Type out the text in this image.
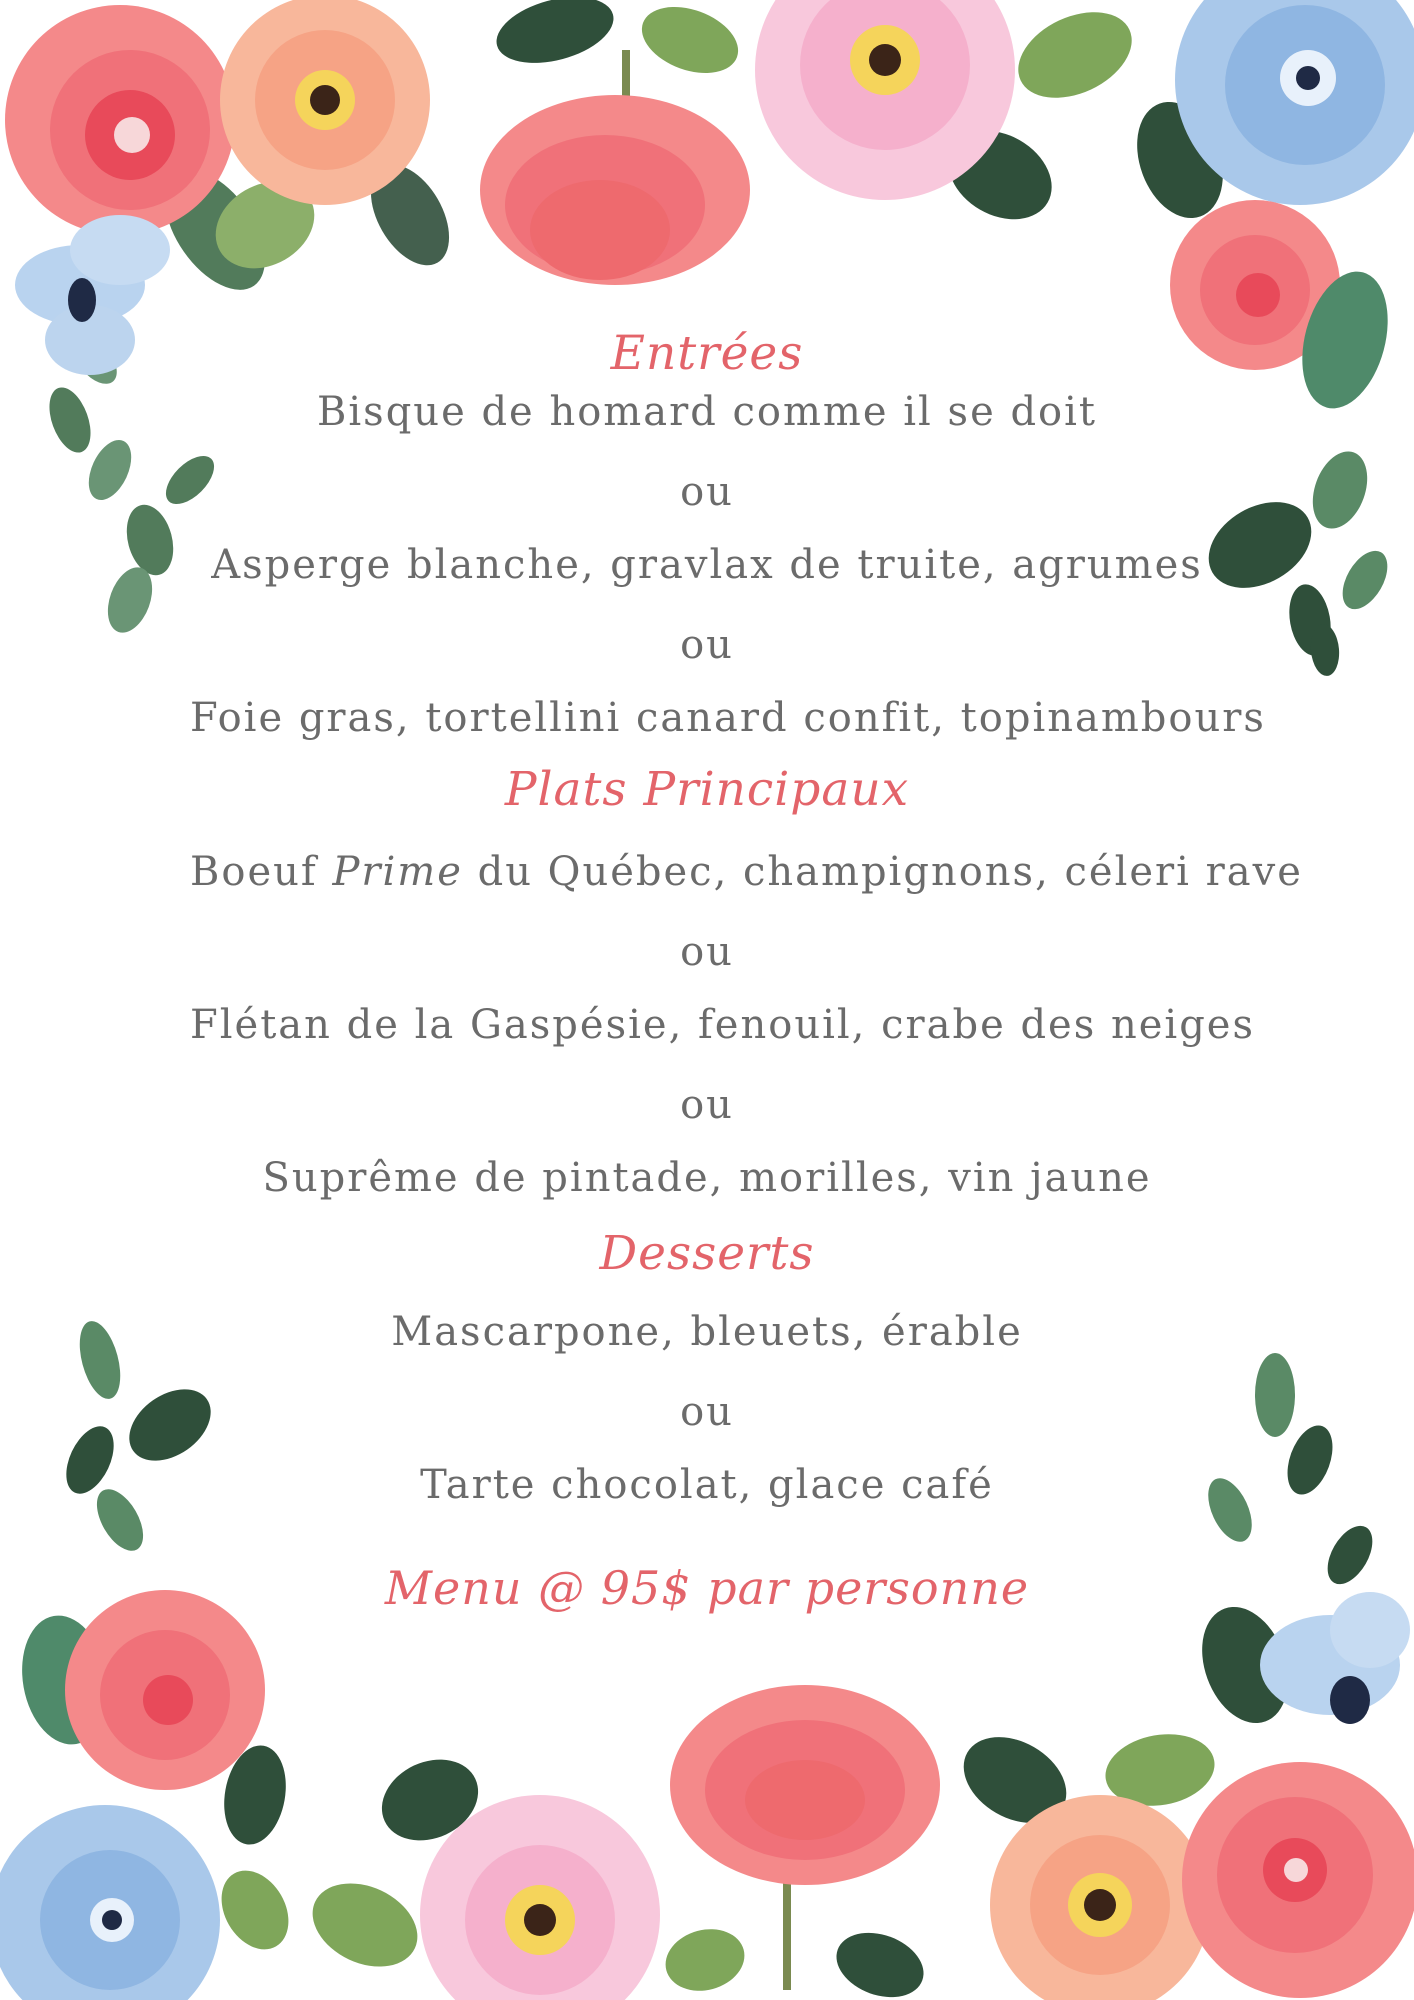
Entrées
Bisque de homard comme il se doit
ou
Asperge blanche, gravlax de truite, agrumes
ou
Foie gras, tortellini canard confit, topinambours
Plats Principaux
Boeuf Prime du Québec, champignons, céleri rave
ou
Flétan de la Gaspésie, fenouil, crabe des neiges
ou
Suprême de pintade, morilles, vin jaune
Desserts
Mascarpone, bleuets, érable
ou
Tarte chocolat, glace café
Menu @ 95$ par personne
